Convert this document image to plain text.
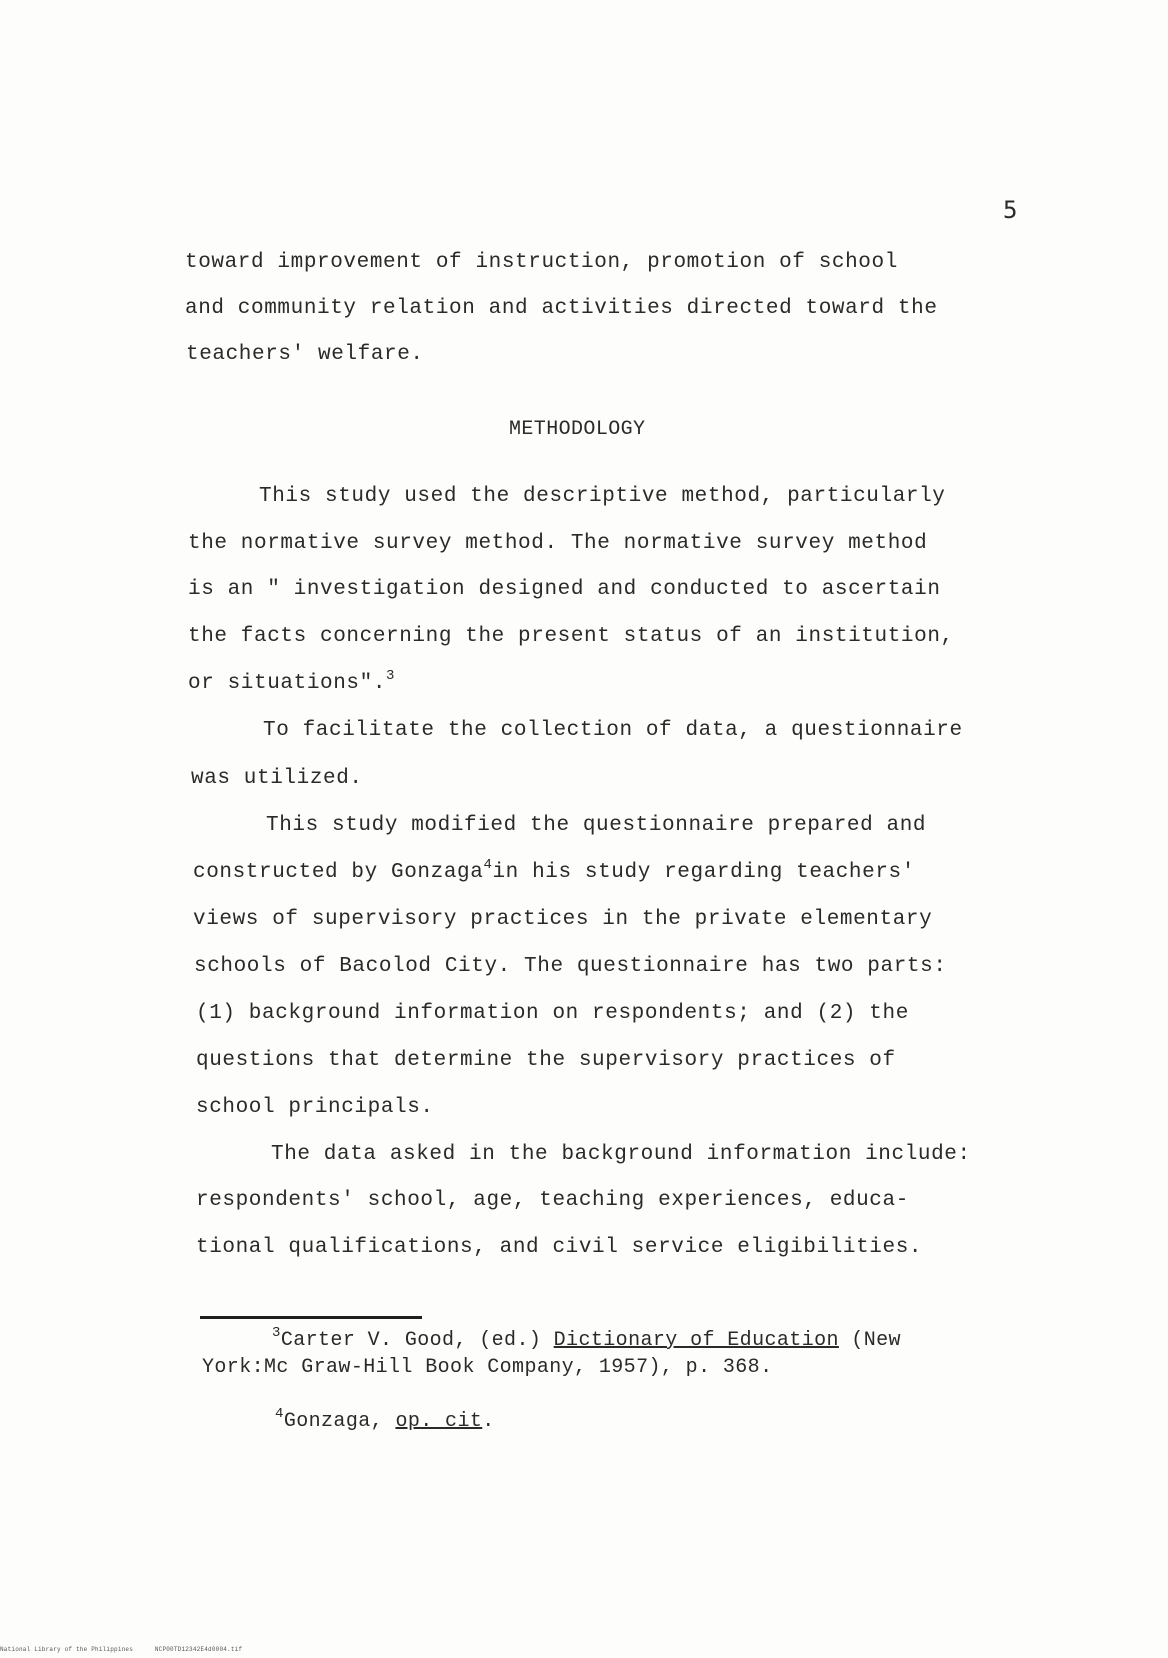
5
toward improvement of instruction, promotion of school
and community relation and activities directed toward the
teachers' welfare.
METHODOLOGY
This study used the descriptive method, particularly
the normative survey method. The normative survey method
is an " investigation designed and conducted to ascertain
the facts concerning the present status of an institution,
or situations".$^3$
To facilitate the collection of data, a questionnaire
was utilized.
This study modified the questionnaire prepared and
constructed by Gonzaga$^4$in his study regarding teachers'
views of supervisory practices in the private elementary
schools of Bacolod City. The questionnaire has two parts:
(1) background information on respondents; and (2) the
questions that determine the supervisory practices of
school principals.
The data asked in the background information include:
respondents' school, age, teaching experiences, educa-
tional qualifications, and civil service eligibilities.
$^3$Carter V. Good, (ed.) Dictionary of Education (New
York:Mc Graw-Hill Book Company, 1957), p. 368.
$^4$Gonzaga, op. cit.
National Library of the Philippines	NCP00TD12342E4d0004.tif
